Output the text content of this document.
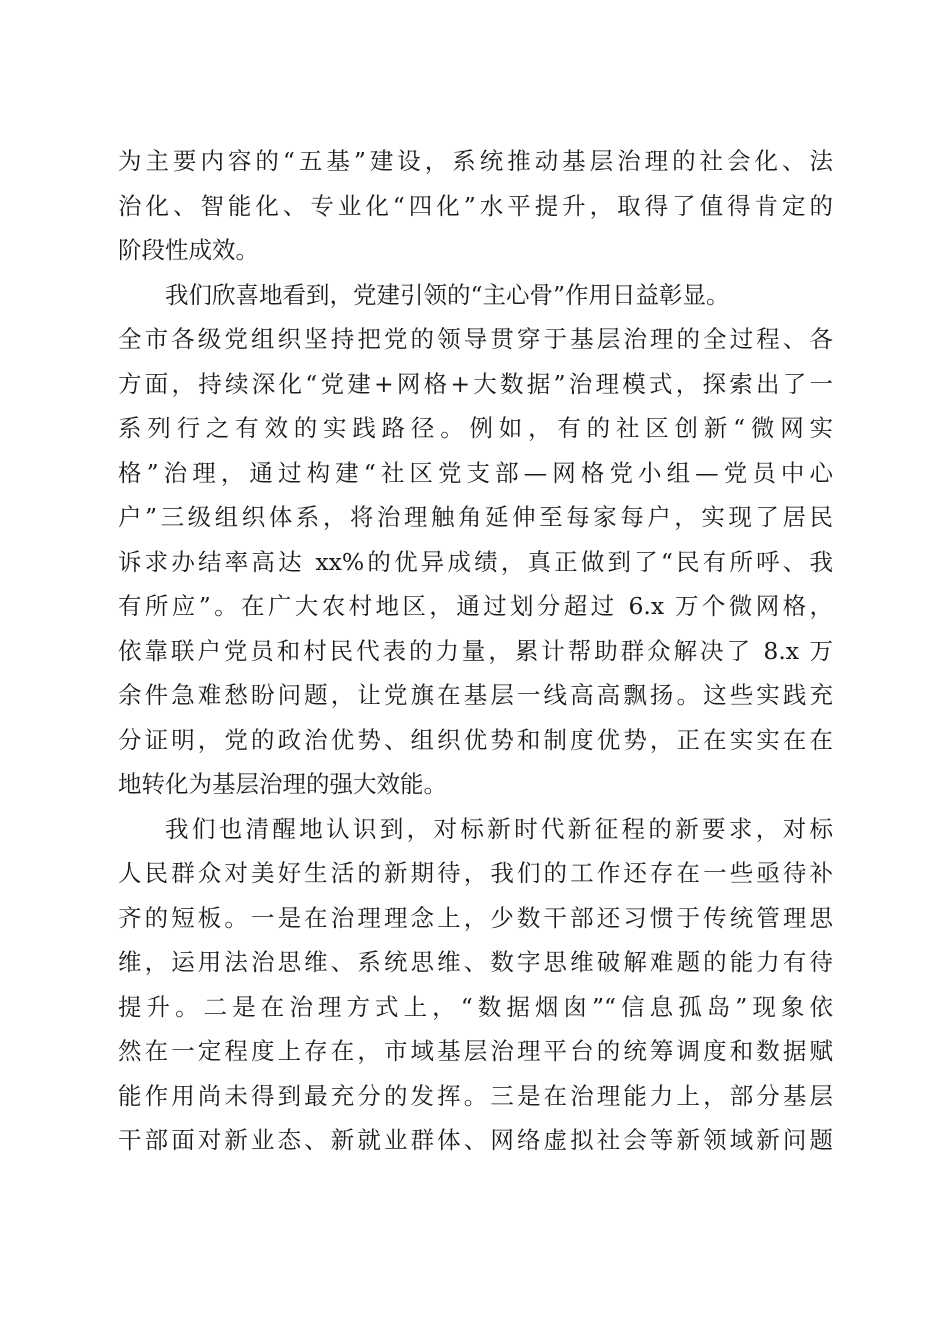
为主要内容的“五基”建设，系统推动基层治理的社会化、法
治化、智能化、专业化“四化”水平提升，取得了值得肯定的
阶段性成效。
我们欣喜地看到，党建引领的“主心骨”作用日益彰显。
全市各级党组织坚持把党的领导贯穿于基层治理的全过程、各
方面，持续深化“党建+网格+大数据”治理模式，探索出了一
系列行之有效的实践路径。例如，有的社区创新“微网实
格”治理，通过构建“社区党支部—网格党小组—党员中心
户”三级组织体系，将治理触角延伸至每家每户，实现了居民
诉求办结率高达 xx%的优异成绩，真正做到了“民有所呼、我
有所应”。在广大农村地区，通过划分超过 6.x 万个微网格，
依靠联户党员和村民代表的力量，累计帮助群众解决了 8.x 万
余件急难愁盼问题，让党旗在基层一线高高飘扬。这些实践充
分证明，党的政治优势、组织优势和制度优势，正在实实在在
地转化为基层治理的强大效能。
我们也清醒地认识到，对标新时代新征程的新要求，对标
人民群众对美好生活的新期待，我们的工作还存在一些亟待补
齐的短板。一是在治理理念上，少数干部还习惯于传统管理思
维，运用法治思维、系统思维、数字思维破解难题的能力有待
提升。二是在治理方式上，“数据烟囱”“信息孤岛”现象依
然在一定程度上存在，市域基层治理平台的统筹调度和数据赋
能作用尚未得到最充分的发挥。三是在治理能力上，部分基层
干部面对新业态、新就业群体、网络虚拟社会等新领域新问题
